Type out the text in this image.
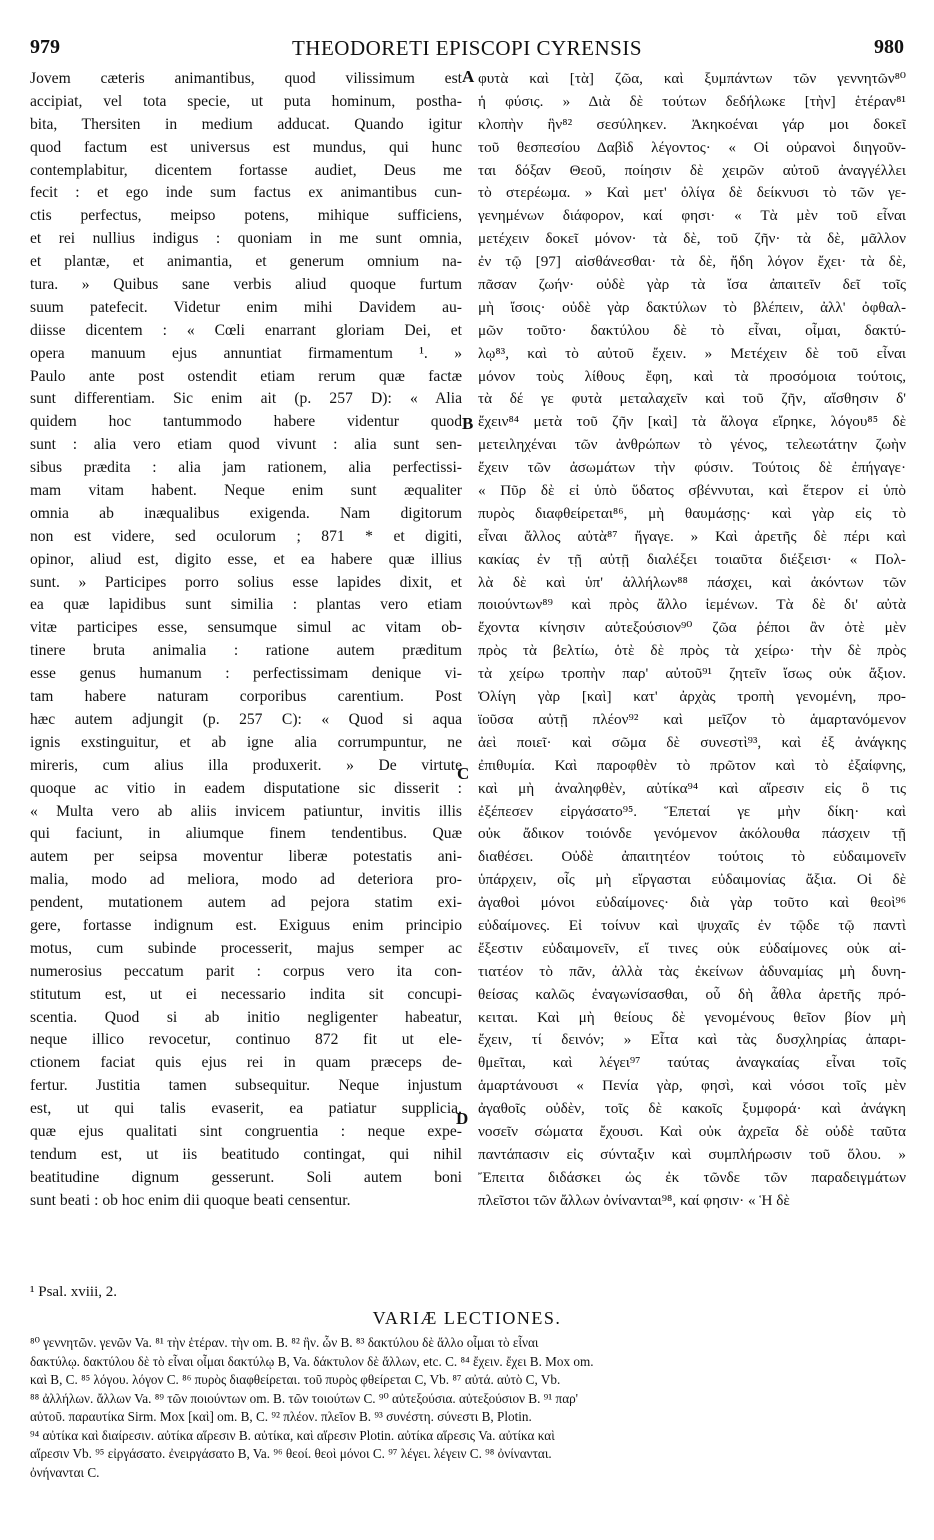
979	THEODORETI EPISCOPI CYRENSIS	980
Jovem cæteris animantibus, quod vilissimum est
accipiat, vel tota specie, ut puta hominum, postha-
bita, Thersiten in medium adducat. Quando igitur
quod factum est universus est mundus, qui hunc
contemplabitur, dicentem fortasse audiet, Deus me
fecit : et ego inde sum factus ex animantibus cun-
ctis perfectus, meipso potens, mihique sufficiens,
et rei nullius indigus : quoniam in me sunt omnia,
et plantæ, et animantia, et generum omnium na-
tura. » Quibus sane verbis aliud quoque furtum
suum patefecit. Videtur enim mihi Davidem au-
diisse dicentem : « Cœli enarrant gloriam Dei, et
opera manuum ejus annuntiat firmamentum ¹. »
Paulo ante post ostendit etiam rerum quæ factæ
sunt differentiam. Sic enim ait (p. 257 D): « Alia
quidem hoc tantummodo habere videntur quod
sunt : alia vero etiam quod vivunt : alia sunt sen-
sibus prædita : alia jam rationem, alia perfectissi-
mam vitam habent. Neque enim sunt æqualiter
omnia ab inæqualibus exigenda. Nam digitorum
non est videre, sed oculorum ; 871 * et digiti,
opinor, aliud est, digito esse, et ea habere quæ illius
sunt. » Participes porro solius esse lapides dixit, et
ea quæ lapidibus sunt similia : plantas vero etiam
vitæ participes esse, sensumque simul ac vitam ob-
tinere bruta animalia : ratione autem præditum
esse genus humanum : perfectissimam denique vi-
tam habere naturam corporibus carentium. Post
hæc autem adjungit (p. 257 C): « Quod si aqua
ignis exstinguitur, et ab igne alia corrumpuntur, ne
mireris, cum alius illa produxerit. » De virtute
quoque ac vitio in eadem disputatione sic disserit :
« Multa vero ab aliis invicem patiuntur, invitis illis
qui faciunt, in aliumque finem tendentibus. Quæ
autem per seipsa moventur liberæ potestatis ani-
malia, modo ad meliora, modo ad deteriora pro-
pendent, mutationem autem ad pejora statim exi-
gere, fortasse indignum est. Exiguus enim principio
motus, cum subinde processerit, majus semper ac
numerosius peccatum parit : corpus vero ita con-
stitutum est, ut ei necessario indita sit concupi-
scentia. Quod si ab initio negligenter habeatur,
neque illico revocetur, continuo 872 fit ut ele-
ctionem faciat quis ejus rei in quam præceps de-
fertur. Justitia tamen subsequitur. Neque injustum
est, ut qui talis evaserit, ea patiatur supplicia,
quæ ejus qualitati sint congruentia : neque expe-
tendum est, ut iis beatitudo contingat, qui nihil
beatitudine dignum gesserunt. Soli autem boni
sunt beati : ob hoc enim dii quoque beati censentur.
φυτὰ καὶ [τὰ] ζῶα, καὶ ξυμπάντων τῶν γεννητῶν⁸⁰
ἡ φύσις. » Διὰ δὲ τούτων δεδήλωκε [τὴν] ἑτέραν⁸¹
κλοπὴν ἣν⁸² σεσύληκεν. Ἀκηκοέναι γάρ μοι δοκεῖ
τοῦ θεσπεσίου Δαβὶδ λέγοντος· « Οἱ οὐρανοὶ διηγοῦν-
ται δόξαν Θεοῦ, ποίησιν δὲ χειρῶν αὐτοῦ ἀναγγέλλει
τὸ στερέωμα. » Καὶ μετ' ὀλίγα δὲ δείκνυσι τὸ τῶν γε-
γενημένων διάφορον, καί φησι· « Τὰ μὲν τοῦ εἶναι
μετέχειν δοκεῖ μόνον· τὰ δὲ, τοῦ ζῆν· τὰ δὲ, μᾶλλον
ἐν τῷ [97] αἰσθάνεσθαι· τὰ δὲ, ἤδη λόγον ἔχει· τὰ δὲ,
πᾶσαν ζωήν· οὐδὲ γὰρ τὰ ἴσα ἀπαιτεῖν δεῖ τοῖς
μὴ ἴσοις· οὐδὲ γὰρ δακτύλων τὸ βλέπειν, ἀλλ' ὀφθαλ-
μῶν τοῦτο· δακτύλου δὲ τὸ εἶναι, οἶμαι, δακτύ-
λῳ⁸³, καὶ τὸ αὐτοῦ ἔχειν. » Μετέχειν δὲ τοῦ εἶναι
μόνον τοὺς λίθους ἔφη, καὶ τὰ προσόμοια τούτοις,
τὰ δέ γε φυτὰ μεταλαχεῖν καὶ τοῦ ζῆν, αἴσθησιν δ'
ἔχειν⁸⁴ μετὰ τοῦ ζῆν [καὶ] τὰ ἄλογα εἴρηκε, λόγου⁸⁵ δὲ
μετειληχέναι τῶν ἀνθρώπων τὸ γένος, τελεωτάτην ζωὴν
ἔχειν τῶν ἀσωμάτων τὴν φύσιν. Τούτοις δὲ ἐπήγαγε·
« Πῦρ δὲ εἰ ὑπὸ ὕδατος σβέννυται, καὶ ἕτερον εἰ ὑπὸ
πυρὸς διαφθείρεται⁸⁶, μὴ θαυμάσῃς· καὶ γὰρ εἰς τὸ
εἶναι ἄλλος αὐτὰ⁸⁷ ἤγαγε. » Καὶ ἀρετῆς δὲ πέρι καὶ
κακίας ἐν τῇ αὐτῇ διαλέξει τοιαῦτα διέξεισι· « Πολ-
λὰ δὲ καὶ ὑπ' ἀλλήλων⁸⁸ πάσχει, καὶ ἀκόντων τῶν
ποιούντων⁸⁹ καὶ πρὸς ἄλλο ἱεμένων. Τὰ δὲ δι' αὐτὰ
ἔχοντα κίνησιν αὐτεξούσιον⁹⁰ ζῶα ῥέποι ἂν ὁτὲ μὲν
πρὸς τὰ βελτίω, ὁτὲ δὲ πρὸς τὰ χείρω· τὴν δὲ πρὸς
τὰ χείρω τροπὴν παρ' αὐτοῦ⁹¹ ζητεῖν ἴσως οὐκ ἄξιον.
Ὀλίγη γὰρ [καὶ] κατ' ἀρχὰς τροπὴ γενομένη, προ-
ϊοῦσα αὐτῇ πλέον⁹² καὶ μεῖζον τὸ ἁμαρτανόμενον
ἀεὶ ποιεῖ· καὶ σῶμα δὲ συνεστὶ⁹³, καὶ ἐξ ἀνάγκης
ἐπιθυμία. Καὶ παροφθὲν τὸ πρῶτον καὶ τὸ ἐξαίφνης,
καὶ μὴ ἀναληφθὲν, αὐτίκα⁹⁴ καὶ αἵρεσιν εἰς ὃ τις
ἐξέπεσεν εἰργάσατο⁹⁵. Ἕπεταί γε μὴν δίκη· καὶ
οὐκ ἄδικον τοιόνδε γενόμενον ἀκόλουθα πάσχειν τῇ
διαθέσει. Οὐδὲ ἀπαιτητέον τούτοις τὸ εὐδαιμονεῖν
ὑπάρχειν, οἷς μὴ εἴργασται εὐδαιμονίας ἄξια. Οἱ δὲ
ἀγαθοὶ μόνοι εὐδαίμονες· διὰ γὰρ τοῦτο καὶ θεοὶ⁹⁶
εὐδαίμονες. Εἰ τοίνυν καὶ ψυχαῖς ἐν τῷδε τῷ παντὶ
ἔξεστιν εὐδαιμονεῖν, εἴ τινες οὐκ εὐδαίμονες οὐκ αἰ-
τιατέον τὸ πᾶν, ἀλλὰ τὰς ἐκείνων ἀδυναμίας μὴ δυνη-
θείσας καλῶς ἐναγωνίσασθαι, οὗ δὴ ἆθλα ἀρετῆς πρό-
κειται. Καὶ μὴ θείους δὲ γενομένους θεῖον βίον μὴ
ἔχειν, τί δεινόν; » Εἶτα καὶ τὰς δυσχληρίας ἀπαρι-
θμεῖται, καὶ λέγει⁹⁷ ταύτας ἀναγκαίας εἶναι τοῖς
ἁμαρτάνουσι « Πενία γὰρ, φησὶ, καὶ νόσοι τοῖς μὲν
ἀγαθοῖς οὐδὲν, τοῖς δὲ κακοῖς ξυμφορά· καὶ ἀνάγκη
νοσεῖν σώματα ἔχουσι. Καὶ οὐκ ἀχρεῖα δὲ οὐδὲ ταῦτα
παντάπασιν εἰς σύνταξιν καὶ συμπλήρωσιν τοῦ ὅλου. »
Ἔπειτα διδάσκει ὡς ἐκ τῶνδε τῶν παραδειγμάτων
πλεῖστοι τῶν ἄλλων ὀνίνανται⁹⁸, καί φησιν· « Ἡ δὲ
A
B
C
D
¹ Psal. xviii, 2.
VARIÆ LECTIONES.
⁸⁰ γεννητῶν. γενῶν Va. ⁸¹ τὴν ἑτέραν. τὴν om. B. ⁸² ἣν. ὧν B. ⁸³ δακτύλου δὲ ἄλλο οἶμαι τὸ εἶναι
δακτύλῳ. δακτύλου δὲ τὸ εἶναι οἶμαι δακτύλῳ B, Va. δάκτυλον δὲ ἄλλων, etc. C. ⁸⁴ ἔχειν. ἔχει B. Mox om.
καὶ B, C. ⁸⁵ λόγου. λόγον C. ⁸⁶ πυρὸς διαφθείρεται. τοῦ πυρὸς φθείρεται C, Vb. ⁸⁷ αὐτά. αὐτὸ C, Vb.
⁸⁸ ἀλλήλων. ἄλλων Va. ⁸⁹ τῶν ποιούντων om. B. τῶν τοιούτων C. ⁹⁰ αὐτεξούσια. αὐτεξούσιον B. ⁹¹ παρ'
αὐτοῦ. παραυτίκα Sirm. Mox [καὶ] om. B, C. ⁹² πλέον. πλεῖον B. ⁹³ συνέστη. σύνεστι B, Plotin.
⁹⁴ αὐτίκα καὶ διαίρεσιν. αὐτίκα αἵρεσιν B. αὐτίκα, καὶ αἵρεσιν Plotin. αὐτίκα αἵρεσις Va. αὐτίκα καὶ
αἵρεσιν Vb. ⁹⁵ εἰργάσατο. ἐνειργάσατο B, Va. ⁹⁶ θεοί. θεοὶ μόνοι C. ⁹⁷ λέγει. λέγειν C. ⁹⁸ ὀνίνανται.
ὀνήνανται C.
